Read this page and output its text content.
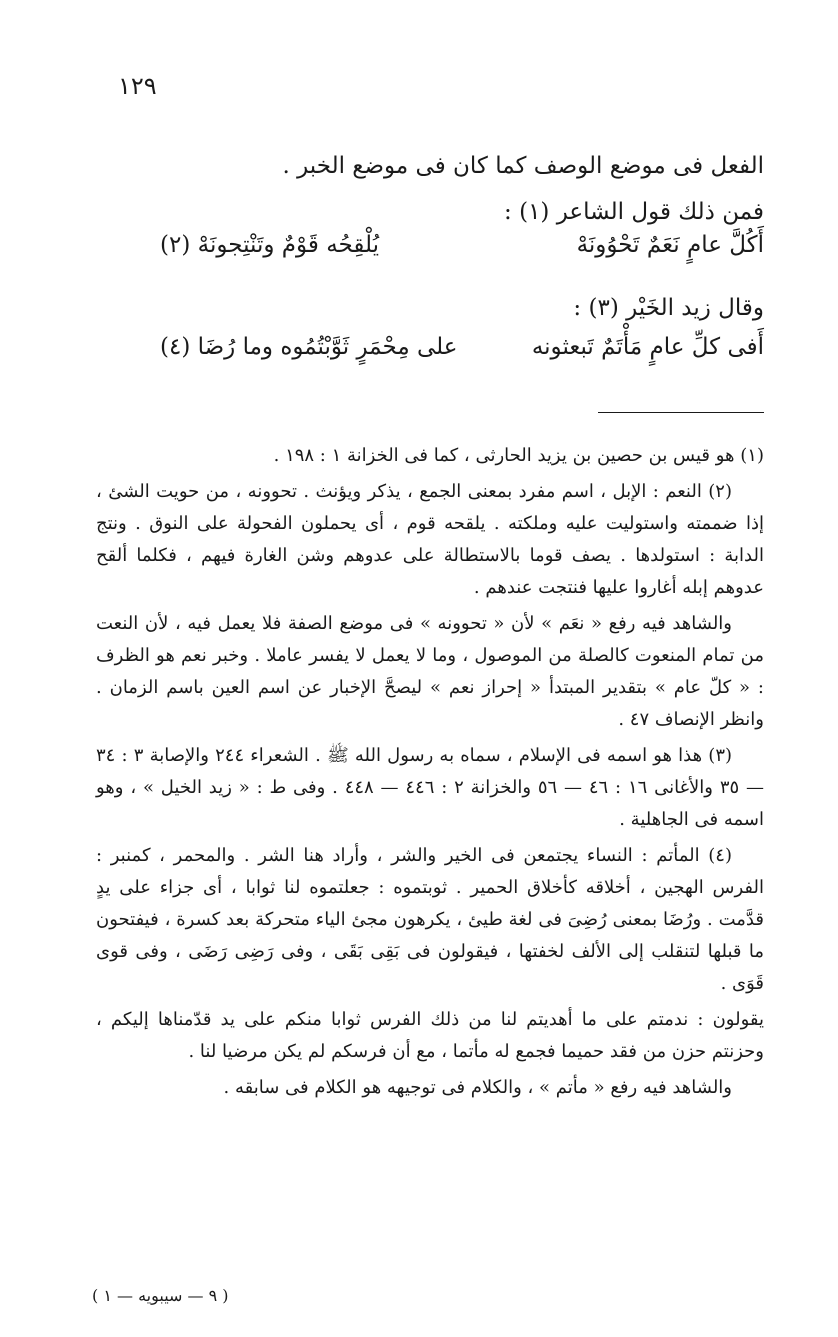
١٢٩
الفعل فى موضع الوصف كما كان فى موضع الخبر .
فمن ذلك قول الشاعر (١) :
أَكُلَّ عامٍ نَعَمٌ تَحْوُونَهْ
يُلْقِحُه قَوْمٌ وتَنْتِجونَهْ (٢)
وقال زيد الخَيْر (٣) :
أَفى كلِّ عامٍ مَأْتَمٌ تَبعثونه
على مِحْمَرٍ ثَوَّبْتُمُوه وما رُضَا (٤)

(١) هو قيس بن حصين بن يزيد الحارثى ، كما فى الخزانة ١ : ١٩٨ .

(٢) النعم : الإبل ، اسم مفرد بمعنى الجمع ، يذكر ويؤنث . تحوونه ، من حويت الشئ ، إذا ضممته واستوليت عليه وملكته . يلقحه قوم ، أى يحملون الفحولة على النوق . ونتج الدابة : استولدها . يصف قوما بالاستطالة على عدوهم وشن الغارة فيهم ، فكلما ألقح عدوهم إبله أغاروا عليها فنتجت عندهم .

والشاهد فيه رفع « نعَم » لأن « تحوونه » فى موضع الصفة فلا يعمل فيه ، لأن النعت من تمام المنعوت كالصلة من الموصول ، وما لا يعمل لا يفسر عاملا . وخبر نعم هو الظرف : « كلّ عام » بتقدير المبتدأ « إحراز نعم » ليصحَّ الإخبار عن اسم العين باسم الزمان . وانظر الإنصاف ٤٧ .

(٣) هذا هو اسمه فى الإسلام ، سماه به رسول الله ﷺ . الشعراء ٢٤٤ والإصابة ٣ : ٣٤ — ٣٥ والأغانى ١٦ : ٤٦ — ٥٦ والخزانة ٢ : ٤٤٦ — ٤٤٨ . وفى ط : « زيد الخيل » ، وهو اسمه فى الجاهلية .

(٤) المأتم : النساء يجتمعن فى الخير والشر ، وأراد هنا الشر . والمحمر ، كمنبر : الفرس الهجين ، أخلاقه كأخلاق الحمير . ثوبتموه : جعلتموه لنا ثوابا ، أى جزاء على يدٍ قدَّمت . ورُضَا بمعنى رُضِىَ فى لغة طيئ ، يكرهون مجئ الياء متحركة بعد كسرة ، فيفتحون ما قبلها لتنقلب إلى الألف لخفتها ، فيقولون فى بَقِى بَقَى ، وفى رَضِى رَضَى ، وفى قوى قَوَى .

يقولون : ندمتم على ما أهديتم لنا من ذلك الفرس ثوابا منكم على يد قدّمناها إليكم ، وحزنتم حزن من فقد حميما فجمع له مأتما ، مع أن فرسكم لم يكن مرضيا لنا .

والشاهد فيه رفع « مأتم » ، والكلام فى توجيهه هو الكلام فى سابقه .

( ٩ — سيبويه — ١ )
